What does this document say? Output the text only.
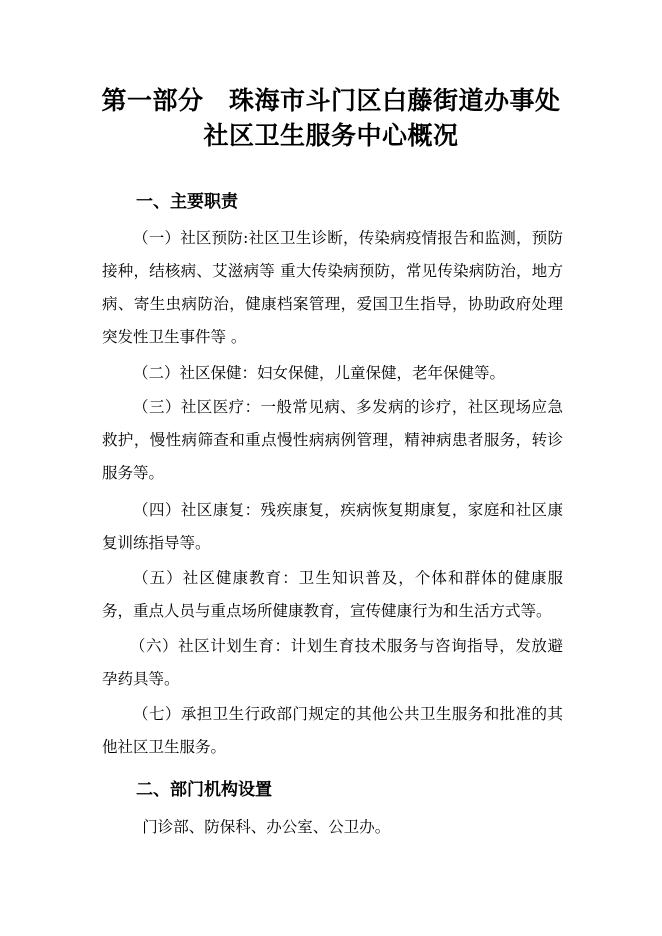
第一部分　珠海市斗门区白藤街道办事处
社区卫生服务中心概况
一、主要职责

（一）社区预防:社区卫生诊断，传染病疫情报告和监测，预防接种，结核病、艾滋病等 重大传染病预防，常见传染病防治，地方病、寄生虫病防治，健康档案管理，爱国卫生指导，协助政府处理突发性卫生事件等 。

（二）社区保健：妇女保健，儿童保健，老年保健等。

（三）社区医疗：一般常见病、多发病的诊疗，社区现场应急救护，慢性病筛查和重点慢性病病例管理，精神病患者服务，转诊服务等。

（四）社区康复：残疾康复，疾病恢复期康复，家庭和社区康复训练指导等。

（五）社区健康教育：卫生知识普及，个体和群体的健康服务，重点人员与重点场所健康教育，宣传健康行为和生活方式等。

（六）社区计划生育：计划生育技术服务与咨询指导，发放避孕药具等。

（七）承担卫生行政部门规定的其他公共卫生服务和批准的其他社区卫生服务。

二、部门机构设置

门诊部、防保科、办公室、公卫办。
